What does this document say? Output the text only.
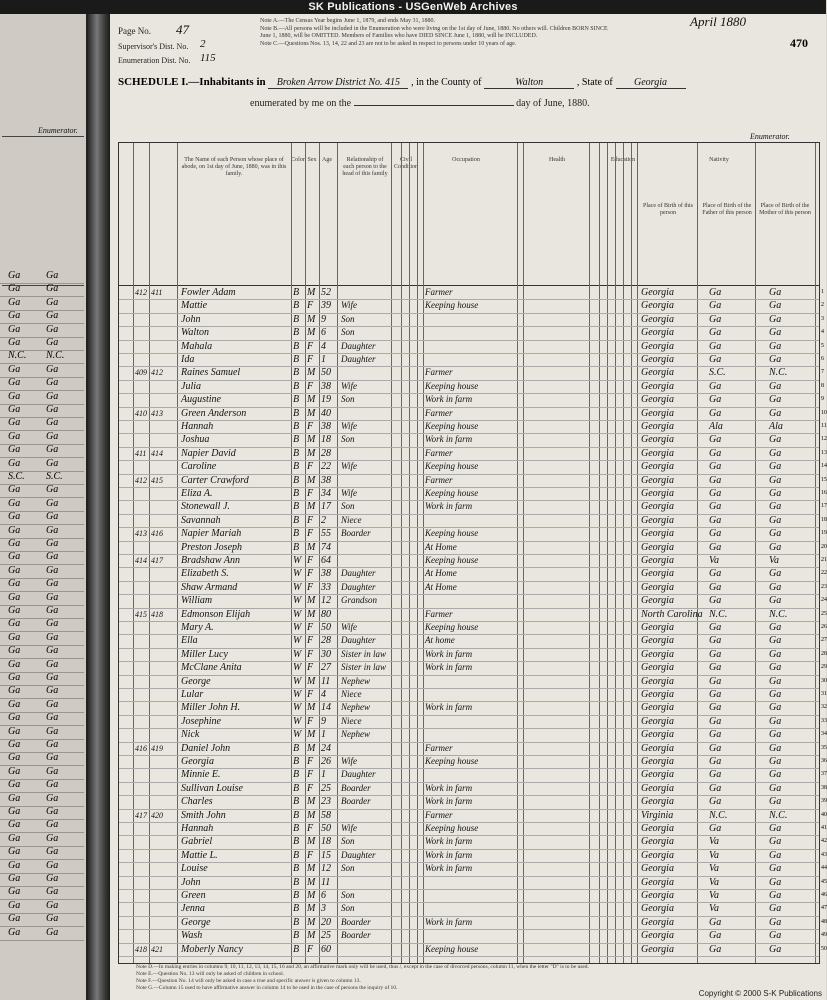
SK Publications - USGenWeb Archives
Enumerator.
Ga	Ga
Ga	Ga
Ga	Ga
Ga	Ga
Ga	Ga
Ga	Ga
N.C. N.C.
Ga	Ga
Ga	Ga
Ga	Ga
Ga	Ga
Ga	Ga
Ga	Ga
Ga	Ga
Ga	Ga
S.C. S.C.
Ga	Ga
Ga	Ga
Ga	Ga
Ga	Ga
Ga	Ga
Ga	Ga
Ga	Ga
Ga	Ga
Ga	Ga
Ga	Ga
Ga	Ga
Ga	Ga
Ga	Ga
Ga	Ga
Ga	Ga
Ga	Ga
Ga	Ga
Ga	Ga
Ga	Ga
Ga	Ga
Ga	Ga
Ga	Ga
Ga	Ga
Ga	Ga
Ga	Ga
Ga	Ga
Ga	Ga
Ga	Ga
Ga	Ga
Ga	Ga
Ga	Ga
Ga	Ga
Ga	Ga
Ga	Ga
Note A.—The Census Year begins June 1, 1879, and ends May 31, 1880.
Note B.—All persons will be included in the Enumeration who were living on the 1st day of June, 1880. No others will. Children BORN SINCE
June 1, 1880, will be OMITTED. Members of Families who have DIED SINCE June 1, 1880, will be INCLUDED.
Note C.—Questions Nos. 13, 14, 22 and 23 are not to be asked in respect to persons under 10 years of age.
Page No. 47
Supervisor's Dist. No. 2
Enumeration Dist. No. 115
April 1880
470
SCHEDULE I.—Inhabitants in Broken Arrow District No. 415 , in the County of	Walton	, State of Georgia
enumerated by me on the	day of June, 1880.
Enumerator.
The Name of each Person whose place of abode, on 1st day of June, 1880, was in this family.
Color Sex Age	Relationship of each person to the head of this family
Civil Condition
Occupation	Health	Education	Nativity
Place of Birth of this person
Place of Birth of the Father of this person
Place of Birth of the Mother of this person
412 411 Fowler Adam	B M 52	Farmer	Georgia	Ga	Ga	1
Mattie	B F 39 Wife	Keeping house	Georgia	Ga	Ga	2
John	B M 9 Son	Georgia	Ga	Ga	3
Walton	B M 6 Son	Georgia	Ga	Ga	4
Mahala	B F 4 Daughter	Georgia	Ga	Ga	5
Ida	B F 1 Daughter	Georgia	Ga	Ga	6
409 412 Raines Samuel	B M 50	Farmer	Georgia	S.C.	N.C.	7
Julia	B F 38 Wife	Keeping house	Georgia	Ga	Ga	8
Augustine	B M 19 Son	Work in farm	Georgia	Ga	Ga	9
410 413 Green Anderson	B M 40	Farmer	Georgia	Ga	Ga	10
Hannah	B F 38 Wife	Keeping house	Georgia	Ala	Ala	11
Joshua	B M 18 Son	Work in farm	Georgia	Ga	Ga	12
411 414 Napier David	B M 28	Farmer	Georgia	Ga	Ga	13
Caroline	B F 22 Wife	Keeping house	Georgia	Ga	Ga	14
412 415 Carter Crawford	B M 38	Farmer	Georgia	Ga	Ga	15
Eliza A.	B F 34 Wife	Keeping house	Georgia	Ga	Ga	16
Stonewall J.	B M 17 Son	Work in farm	Georgia	Ga	Ga	17
Savannah	B F 2 Niece	Georgia	Ga	Ga	18
413 416 Napier Mariah	B F 55 Boarder	Keeping house	Georgia	Ga	Ga	19
Preston Joseph	B M 74	At Home	Georgia	Ga	Ga	20
414 417 Bradshaw Ann	W F 64	Keeping house	Georgia	Va	Va	21
Elizabeth S.	W F 38 Daughter	At Home	Georgia	Ga	Ga	22
Shaw Armand	W F 33 Daughter	At Home	Georgia	Ga	Ga	23
William	W M 12 Grandson	Georgia	Ga	Ga	24
415 418 Edmonson Elijah	W M 80	Farmer	North Carolina N.C.	N.C.	25
Mary A.	W F 50 Wife	Keeping house	Georgia	Ga	Ga	26
Ella	W F 28 Daughter	At home	Georgia	Ga	Ga	27
Miller Lucy	W F 30 Sister in law	Work in farm	Georgia	Ga	Ga	28
McClane Anita	W F 27 Sister in law	Work in farm	Georgia	Ga	Ga	29
George	W M 11 Nephew	Georgia	Ga	Ga	30
Lular	W F 4 Niece	Georgia	Ga	Ga	31
Miller John H.	W M 14 Nephew	Work in farm	Georgia	Ga	Ga	32
Josephine	W F 9 Niece	Georgia	Ga	Ga	33
Nick	W M 1 Nephew	Georgia	Ga	Ga	34
416 419 Daniel John	B M 24	Farmer	Georgia	Ga	Ga	35
Georgia	B F 26 Wife	Keeping house	Georgia	Ga	Ga	36
Minnie E.	B F 1 Daughter	Georgia	Ga	Ga	37
Sullivan Louise	B F 25 Boarder	Work in farm	Georgia	Ga	Ga	38
Charles	B M 23 Boarder	Work in farm	Georgia	Ga	Ga	39
417 420 Smith John	B M 58	Farmer	Virginia	N.C.	N.C.	40
Hannah	B F 50 Wife	Keeping house	Georgia	Ga	Ga	41
Gabriel	B M 18 Son	Work in farm	Georgia	Va	Ga	42
Mattie L.	B F 15 Daughter	Work in farm	Georgia	Va	Ga	43
Louise	B M 12 Son	Work in farm	Georgia	Va	Ga	44
John	B M 11	Georgia	Va	Ga	45
Green	B M 6 Son	Georgia	Va	Ga	46
Jenna	B M 3 Son	Georgia	Va	Ga	47
George	B M 20 Boarder	Work in farm	Georgia	Ga	Ga	48
Wash	B M 25 Boarder	Georgia	Ga	Ga	49
418 421 Moberly Nancy	B F 60	Keeping house	Georgia	Ga	Ga	50
Note D.—In making entries in columns 9, 10, 11, 12, 13, 14, 15, 16 and 20, an affirmative mark only will be used, thus /, except in the case of divorced persons, column 11, when the letter "D" is to be used.
Note E.—Question No. 13 will only be asked of children in school.
Note F.—Question No. 14 will only be asked in case a true and specific answer is given to column 13.
Note G.—Column 15 used to have affirmative answer in column 14 to be used in the case of persons the inquiry of 10.
Copyright © 2000 S-K Publications
